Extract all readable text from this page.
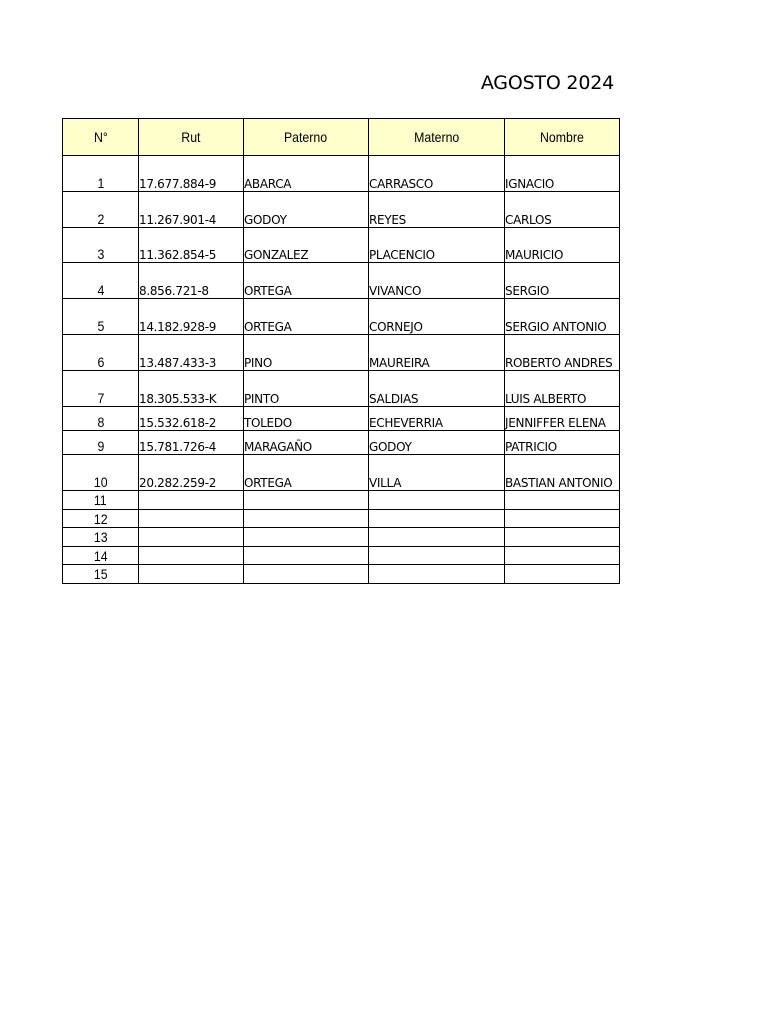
AGOSTO 2024
N°	Rut	Paterno	Materno	Nombre
1	17.677.884-9	ABARCA	CARRASCO	IGNACIO
2	11.267.901-4	GODOY	REYES	CARLOS
3	11.362.854-5	GONZALEZ	PLACENCIO	MAURICIO
4	8.856.721-8	ORTEGA	VIVANCO	SERGIO
5	14.182.928-9	ORTEGA	CORNEJO	SERGIO ANTONIO
6	13.487.433-3	PINO	MAUREIRA	ROBERTO ANDRES
7	18.305.533-K	PINTO	SALDIAS	LUIS ALBERTO
8	15.532.618-2	TOLEDO	ECHEVERRIA	JENNIFFER ELENA
9	15.781.726-4	MARAGAÑO	GODOY	PATRICIO
10	20.282.259-2	ORTEGA	VILLA	BASTIAN ANTONIO
11				
12				
13				
14				
15				
